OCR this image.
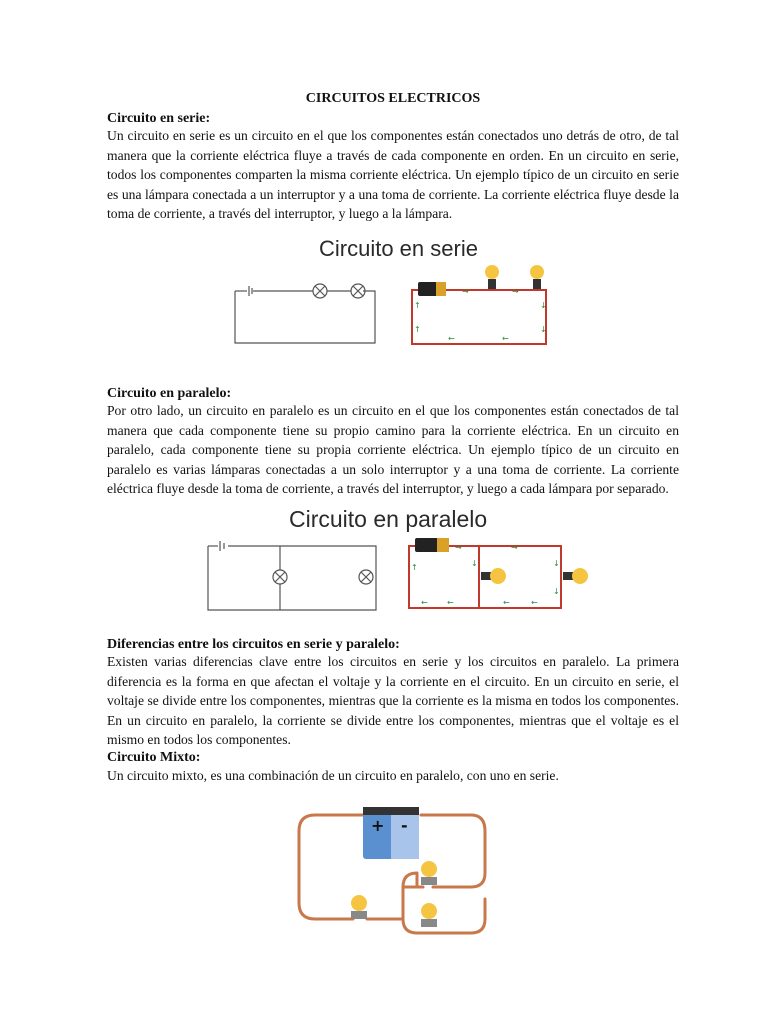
CIRCUITOS ELECTRICOS
Circuito en serie:

Un circuito en serie es un circuito en el que los componentes están conectados uno detrás de otro, de tal manera que la corriente eléctrica fluye a través de cada componente en orden. En un circuito en serie, todos los componentes comparten la misma corriente eléctrica. Un ejemplo típico de un circuito en serie es una lámpara conectada a un interruptor y a una toma de corriente. La corriente eléctrica fluye desde la toma de corriente, a través del interruptor, y luego a la lámpara.

Circuito en serie
→	→
↑
↑
↓
↓
←	←
Circuito en paralelo:

Por otro lado, un circuito en paralelo es un circuito en el que los componentes están conectados de tal manera que cada componente tiene su propio camino para la corriente eléctrica. En un circuito en paralelo, cada componente tiene su propia corriente eléctrica. Un ejemplo típico de un circuito en paralelo es varias lámparas conectadas a un solo interruptor y a una toma de corriente. La corriente eléctrica fluye desde la toma de corriente, a través del interruptor, y luego a cada lámpara por separado.

Circuito en paralelo
→	→
↑	↓	↓
↓
← ←	←	←
Diferencias entre los circuitos en serie y paralelo:

Existen varias diferencias clave entre los circuitos en serie y los circuitos en paralelo. La primera diferencia es la forma en que afectan el voltaje y la corriente en el circuito. En un circuito en serie, el voltaje se divide entre los componentes, mientras que la corriente es la misma en todos los componentes. En un circuito en paralelo, la corriente se divide entre los componentes, mientras que el voltaje es el mismo en todos los componentes.

Circuito Mixto:

Un circuito mixto, es una combinación de un circuito en paralelo, con uno en serie.

+ -
